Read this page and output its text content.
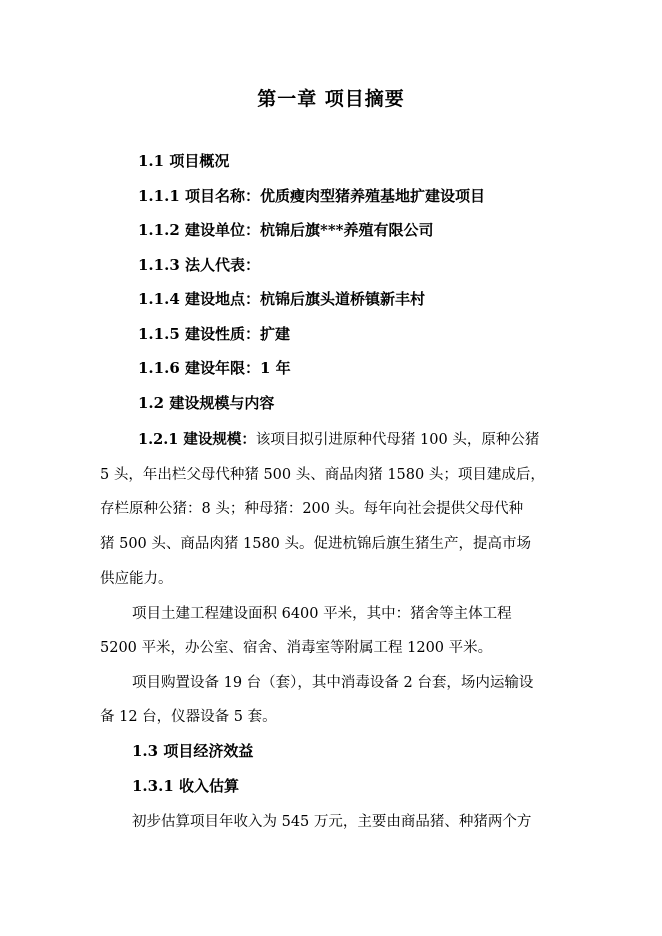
第一章 项目摘要
1.1 项目概况
1.1.1 项目名称：优质瘦肉型猪养殖基地扩建设项目
1.1.2 建设单位：杭锦后旗***养殖有限公司
1.1.3 法人代表：
1.1.4 建设地点：杭锦后旗头道桥镇新丰村
1.1.5 建设性质：扩建
1.1.6 建设年限：1 年
1.2 建设规模与内容
1.2.1 建设规模：该项目拟引进原种代母猪 100 头，原种公猪
5 头，年出栏父母代种猪 500 头、商品肉猪 1580 头；项目建成后，
存栏原种公猪：8 头；种母猪：200 头。每年向社会提供父母代种
猪 500 头、商品肉猪 1580 头。促进杭锦后旗生猪生产，提高市场
供应能力。
项目土建工程建设面积 6400 平米，其中：猪舍等主体工程
5200 平米，办公室、宿舍、消毒室等附属工程 1200 平米。
项目购置设备 19 台（套），其中消毒设备 2 台套，场内运输设
备 12 台，仪器设备 5 套。
1.3 项目经济效益
1.3.1 收入估算
初步估算项目年收入为 545 万元，主要由商品猪、种猪两个方
